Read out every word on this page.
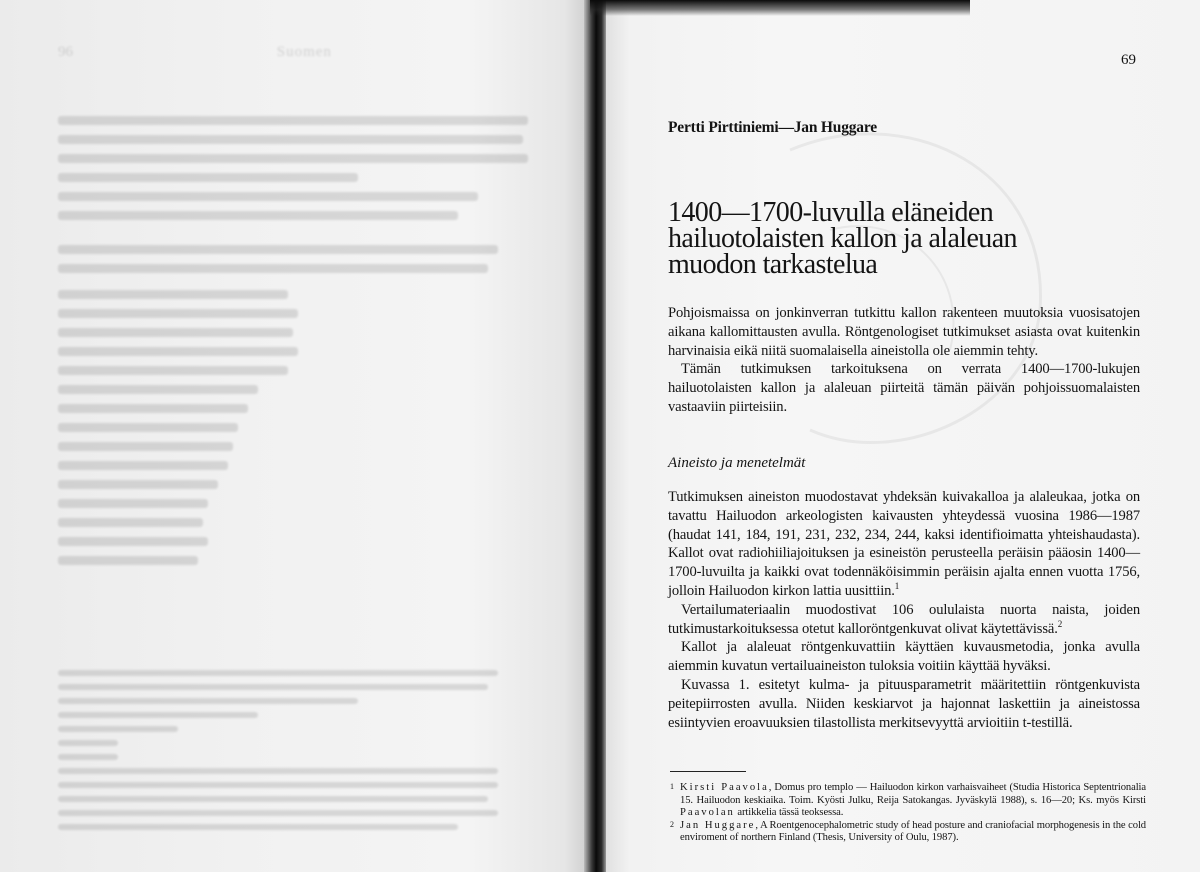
96	Suomen	69
Pertti Pirttiniemi—Jan Huggare
1400—1700-luvulla eläneiden
hailuotolaisten kallon ja alaleuan
muodon tarkastelua

Pohjoismaissa on jonkinverran tutkittu kallon rakenteen muutoksia vuosisatojen aikana kallomittausten avulla. Röntgenologiset tutkimukset asiasta ovat kuitenkin harvinaisia eikä niitä suomalaisella aineistolla ole aiemmin tehty.

Tämän tutkimuksen tarkoituksena on verrata 1400—1700-lukujen hailuotolaisten kallon ja alaleuan piirteitä tämän päivän pohjoissuomalaisten vastaaviin piirteisiin.

Aineisto ja menetelmät

Tutkimuksen aineiston muodostavat yhdeksän kuivakalloa ja alaleukaa, jotka on tavattu Hailuodon arkeologisten kaivausten yhteydessä vuosina 1986—1987 (haudat 141, 184, 191, 231, 232, 234, 244, kaksi identifioimatta yhteishaudasta). Kallot ovat radiohiiliajoituksen ja esineistön perusteella peräisin pääosin 1400—1700-luvuilta ja kaikki ovat todennäköisimmin peräisin ajalta ennen vuotta 1756, jolloin Hailuodon kirkon lattia uusittiin.$^1$

Vertailumateriaalin muodostivat 106 oululaista nuorta naista, joiden tutkimustarkoituksessa otetut kalloröntgenkuvat olivat käytettävissä.$^2$

Kallot ja alaleuat röntgenkuvattiin käyttäen kuvausmetodia, jonka avulla aiemmin kuvatun vertailuaineiston tuloksia voitiin käyttää hyväksi.

Kuvassa 1. esitetyt kulma- ja pituusparametrit määritettiin röntgenkuvista peitepiirrosten avulla. Niiden keskiarvot ja hajonnat laskettiin ja aineistossa esiintyvien eroavuuksien tilastollista merkitsevyyttä arvioitiin t-testillä.

1 Kirsti Paavola, Domus pro templo — Hailuodon kirkon varhaisvaiheet (Studia Historica Septentrionalia 15. Hailuodon keskiaika. Toim. Kyösti Julku, Reija Satokangas. Jyväskylä 1988), s. 16—20; Ks. myös Kirsti Paavolan artikkelia tässä teoksessa.
2 Jan Huggare, A Roentgenocephalometric study of head posture and craniofacial morphogenesis in the cold enviroment of northern Finland (Thesis, University of Oulu, 1987).
